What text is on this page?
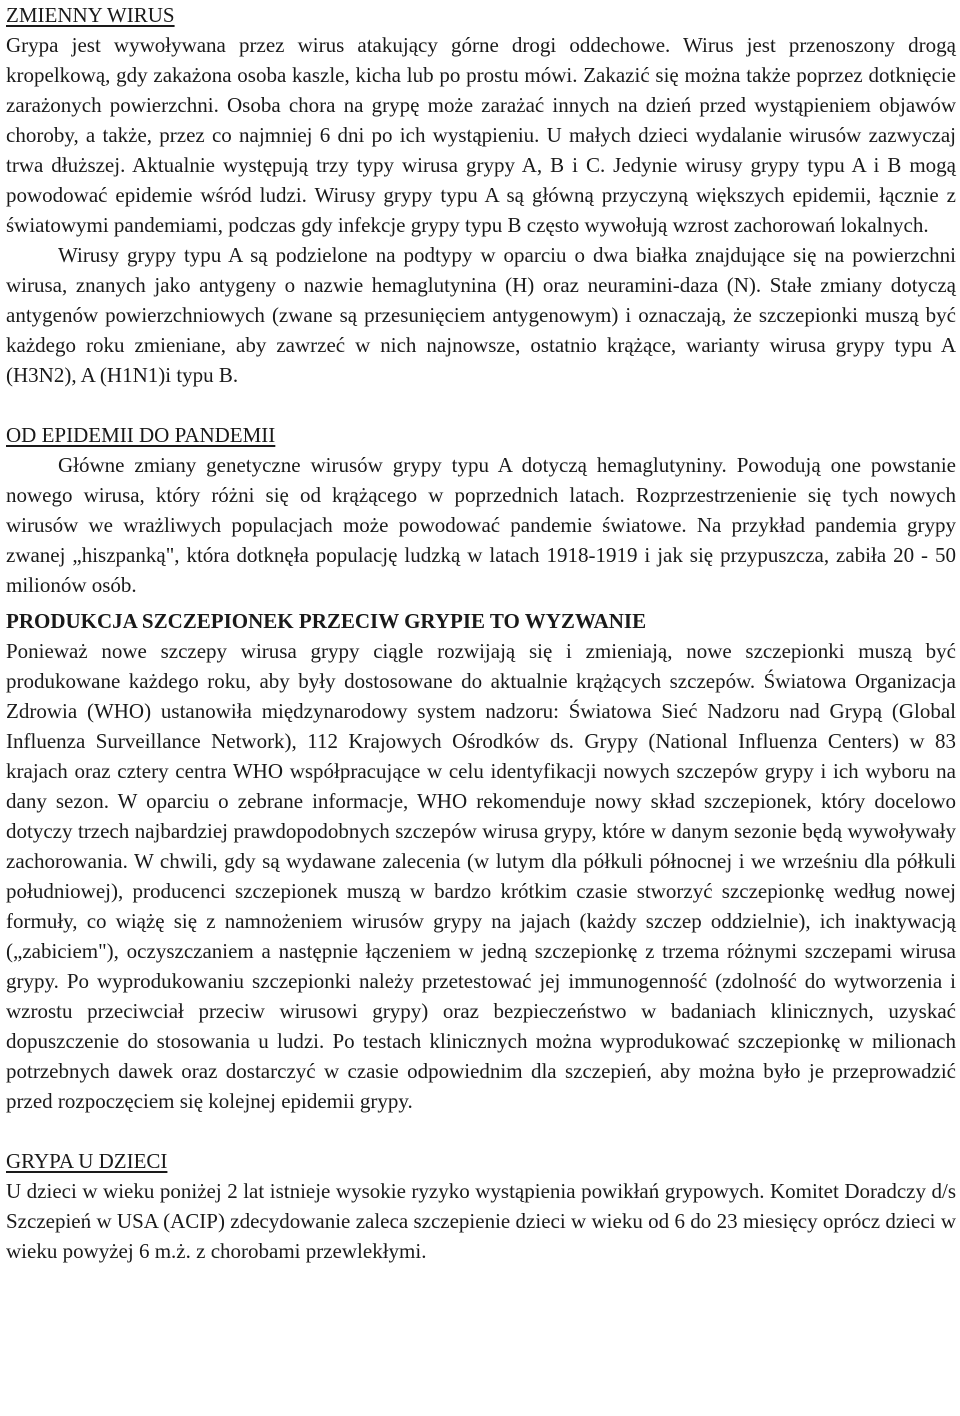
ZMIENNY WIRUS

Grypa jest wywoływana przez wirus atakujący górne drogi oddechowe. Wirus jest przenoszony drogą kropelkową, gdy zakażona osoba kaszle, kicha lub po prostu mówi. Zakazić się można także poprzez dotknięcie zarażonych powierzchni. Osoba chora na grypę może zarażać innych na dzień przed wystąpieniem objawów choroby, a także, przez co najmniej 6 dni po ich wystąpieniu. U małych dzieci wydalanie wirusów zazwyczaj trwa dłuższej. Aktualnie występują trzy typy wirusa grypy A, B i C. Jedynie wirusy grypy typu A i B mogą powodować epidemie wśród ludzi. Wirusy grypy typu A są główną przyczyną większych epidemii, łącznie z światowymi pandemiami, podczas gdy infekcje grypy typu B często wywołują wzrost zachorowań lokalnych.

Wirusy grypy typu A są podzielone na podtypy w oparciu o dwa białka znajdujące się na powierzchni wirusa, znanych jako antygeny o nazwie hemaglutynina (H) oraz neuramini-daza (N). Stałe zmiany dotyczą antygenów powierzchniowych (zwane są przesunięciem antygenowym) i oznaczają, że szczepionki muszą być każdego roku zmieniane, aby zawrzeć w nich najnowsze, ostatnio krążące, warianty wirusa grypy typu A (H3N2), A (H1N1)i typu B.

OD EPIDEMII DO PANDEMII

Główne zmiany genetyczne wirusów grypy typu A dotyczą hemaglutyniny. Powodują one powstanie nowego wirusa, który różni się od krążącego w poprzednich latach. Rozprzestrzenienie się tych nowych wirusów we wrażliwych populacjach może powodować pandemie światowe. Na przykład pandemia grypy zwanej „hiszpanką", która dotknęła populację ludzką w latach 1918-1919 i jak się przypuszcza, zabiła 20 - 50 milionów osób.

PRODUKCJA SZCZEPIONEK PRZECIW GRYPIE TO WYZWANIE

Ponieważ nowe szczepy wirusa grypy ciągle rozwijają się i zmieniają, nowe szczepionki muszą być produkowane każdego roku, aby były dostosowane do aktualnie krążących szczepów. Światowa Organizacja Zdrowia (WHO) ustanowiła międzynarodowy system nadzoru: Światowa Sieć Nadzoru nad Grypą (Global Influenza Surveillance Network), 112 Krajowych Ośrodków ds. Grypy (National Influenza Centers) w 83 krajach oraz cztery centra WHO współpracujące w celu identyfikacji nowych szczepów grypy i ich wyboru na dany sezon. W oparciu o zebrane informacje, WHO rekomenduje nowy skład szczepionek, który docelowo dotyczy trzech najbardziej prawdopodobnych szczepów wirusa grypy, które w danym sezonie będą wywoływały zachorowania. W chwili, gdy są wydawane zalecenia (w lutym dla półkuli północnej i we wrześniu dla półkuli południowej), producenci szczepionek muszą w bardzo krótkim czasie stworzyć szczepionkę według nowej formuły, co wiążę się z namnożeniem wirusów grypy na jajach (każdy szczep oddzielnie), ich inaktywacją („zabiciem"), oczyszczaniem a następnie łączeniem w jedną szczepionkę z trzema różnymi szczepami wirusa grypy. Po wyprodukowaniu szczepionki należy przetestować jej immunogenność (zdolność do wytworzenia i wzrostu przeciwciał przeciw wirusowi grypy) oraz bezpieczeństwo w badaniach klinicznych, uzyskać dopuszczenie do stosowania u ludzi. Po testach klinicznych można wyprodukować szczepionkę w milionach potrzebnych dawek oraz dostarczyć w czasie odpowiednim dla szczepień, aby można było je przeprowadzić przed rozpoczęciem się kolejnej epidemii grypy.

GRYPA U DZIECI

U dzieci w wieku poniżej 2 lat istnieje wysokie ryzyko wystąpienia powikłań grypowych. Komitet Doradczy d/s Szczepień w USA (ACIP) zdecydowanie zaleca szczepienie dzieci w wieku od 6 do 23 miesięcy oprócz dzieci w wieku powyżej 6 m.ż. z chorobami przewlekłymi.
